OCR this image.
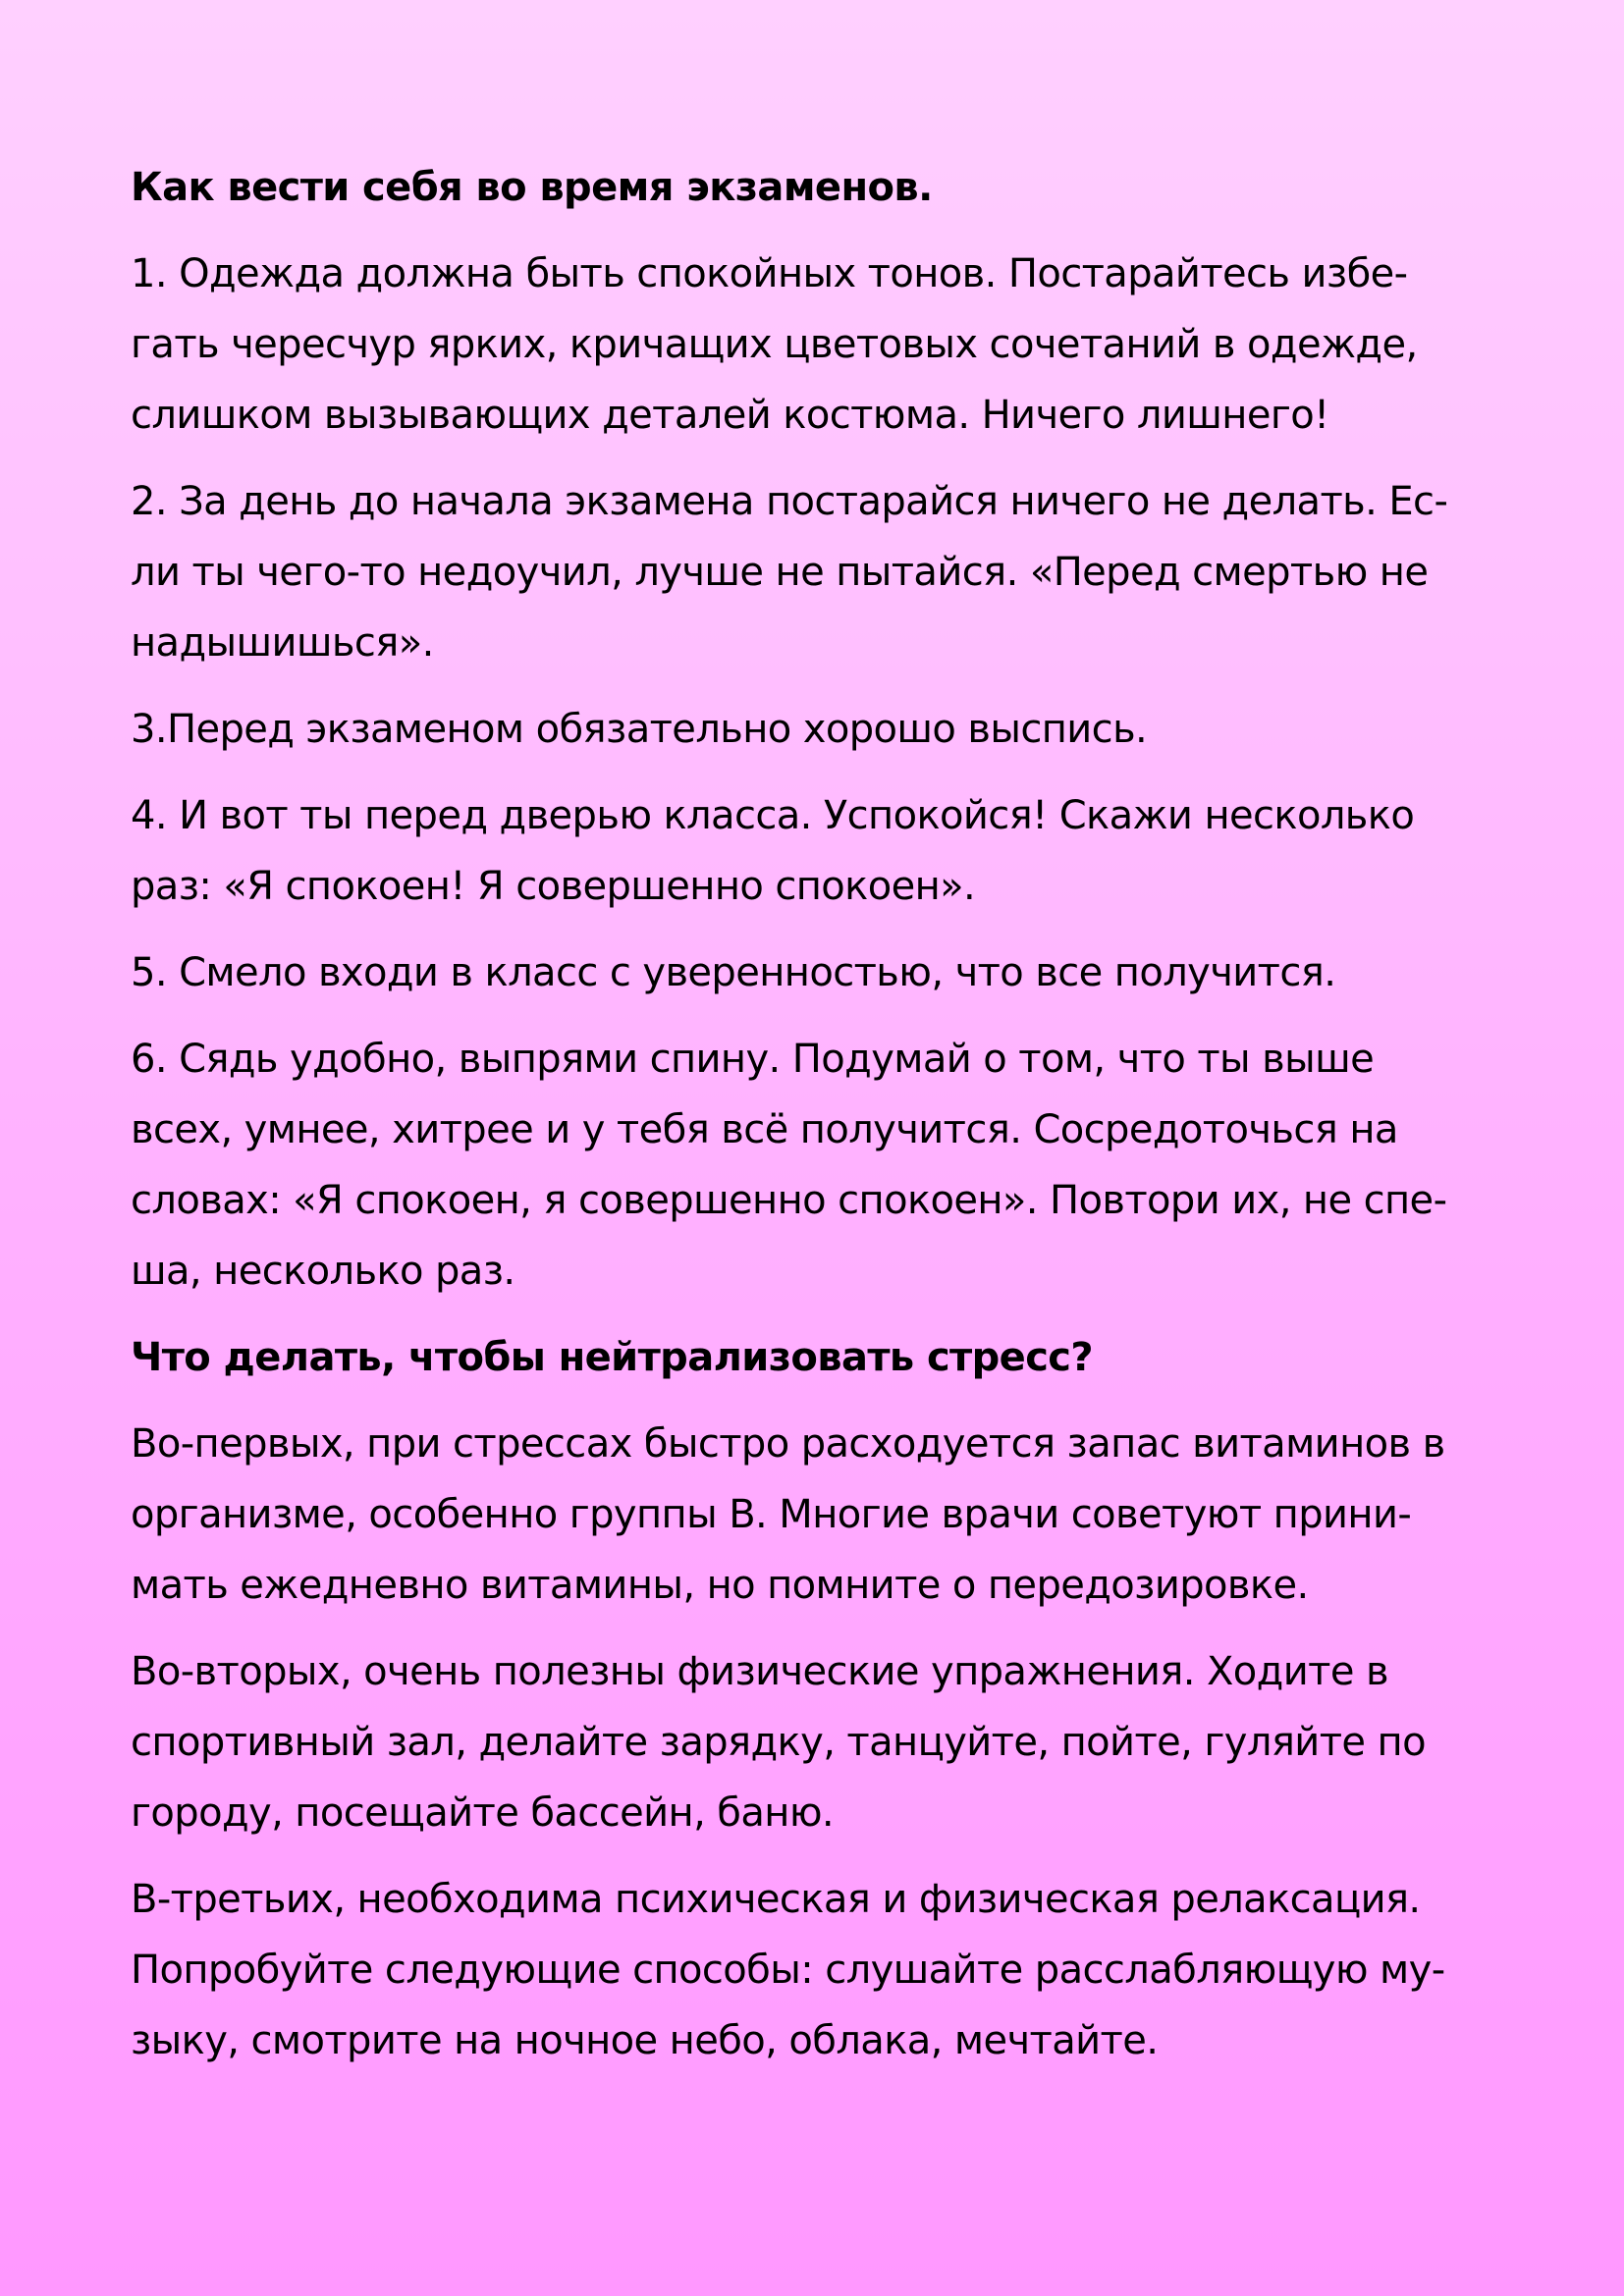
Как вести себя во время экзаменов.

1. Одежда должна быть спокойных тонов. Постарайтесь избе-
гать чересчур ярких, кричащих цветовых сочетаний в одежде,
слишком вызывающих деталей костюма. Ничего лишнего!

2. За день до начала экзамена постарайся ничего не делать. Ес-
ли ты чего-то недоучил, лучше не пытайся. «Перед смертью не
надышишься».

3.Перед экзаменом обязательно хорошо выспись.

4. И вот ты перед дверью класса. Успокойся! Скажи несколько
раз: «Я спокоен! Я совершенно спокоен».

5. Смело входи в класс с уверенностью, что все получится.

6. Сядь удобно, выпрями спину. Подумай о том, что ты выше
всех, умнее, хитрее и у тебя всё получится. Сосредоточься на
словах: «Я спокоен, я совершенно спокоен». Повтори их, не спе-
ша, несколько раз.

Что делать, чтобы нейтрализовать стресс?

Во-первых, при стрессах быстро расходуется запас витаминов в
организме, особенно группы В. Многие врачи советуют прини-
мать ежедневно витамины, но помните о передозировке.

Во-вторых, очень полезны физические упражнения. Ходите в
спортивный зал, делайте зарядку, танцуйте, пойте, гуляйте по
городу, посещайте бассейн, баню.

В-третьих, необходима психическая и физическая релаксация.
Попробуйте следующие способы: слушайте расслабляющую му-
зыку, смотрите на ночное небо, облака, мечтайте.
